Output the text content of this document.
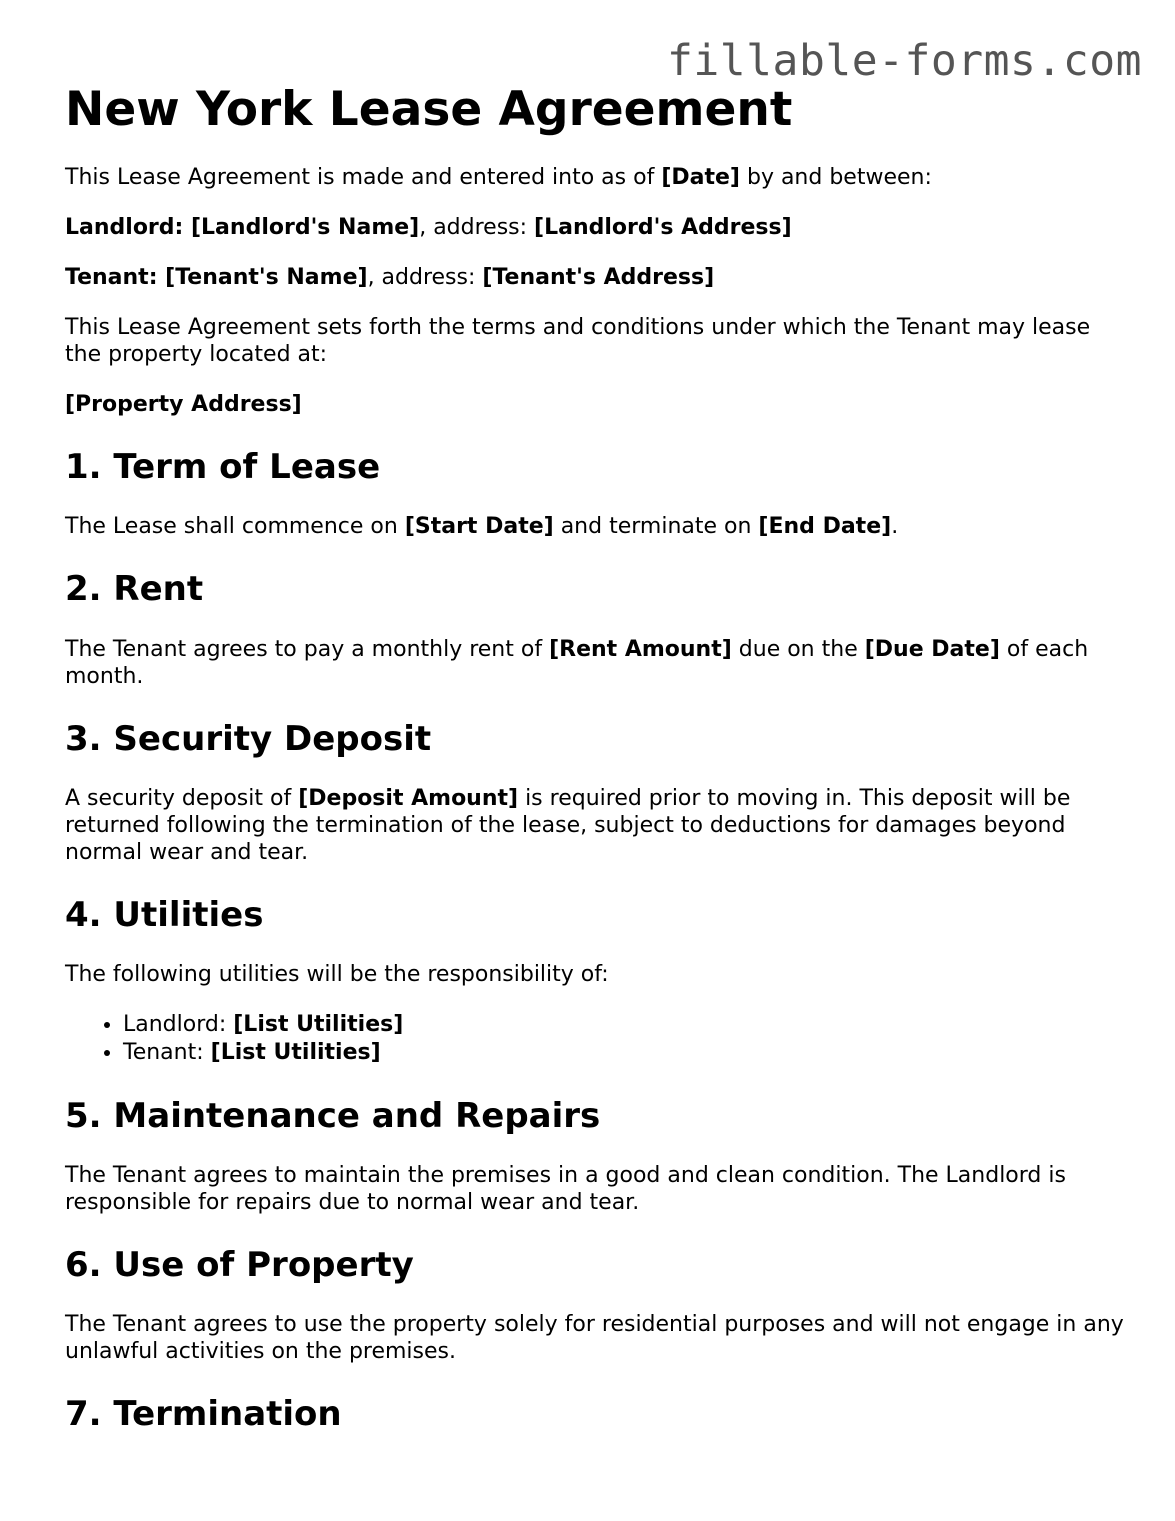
fillable-forms.com
New York Lease Agreement

This Lease Agreement is made and entered into as of [Date] by and between:

Landlord: [Landlord's Name], address: [Landlord's Address]

Tenant: [Tenant's Name], address: [Tenant's Address]

This Lease Agreement sets forth the terms and conditions under which the Tenant may lease the property located at:

[Property Address]

1. Term of Lease

The Lease shall commence on [Start Date] and terminate on [End Date].

2. Rent

The Tenant agrees to pay a monthly rent of [Rent Amount] due on the [Due Date] of each month.

3. Security Deposit

A security deposit of [Deposit Amount] is required prior to moving in. This deposit will be returned following the termination of the lease, subject to deductions for damages beyond normal wear and tear.

4. Utilities

The following utilities will be the responsibility of:

• Landlord: [List Utilities]
• Tenant: [List Utilities]
5. Maintenance and Repairs

The Tenant agrees to maintain the premises in a good and clean condition. The Landlord is responsible for repairs due to normal wear and tear.

6. Use of Property

The Tenant agrees to use the property solely for residential purposes and will not engage in any unlawful activities on the premises.

7. Termination
